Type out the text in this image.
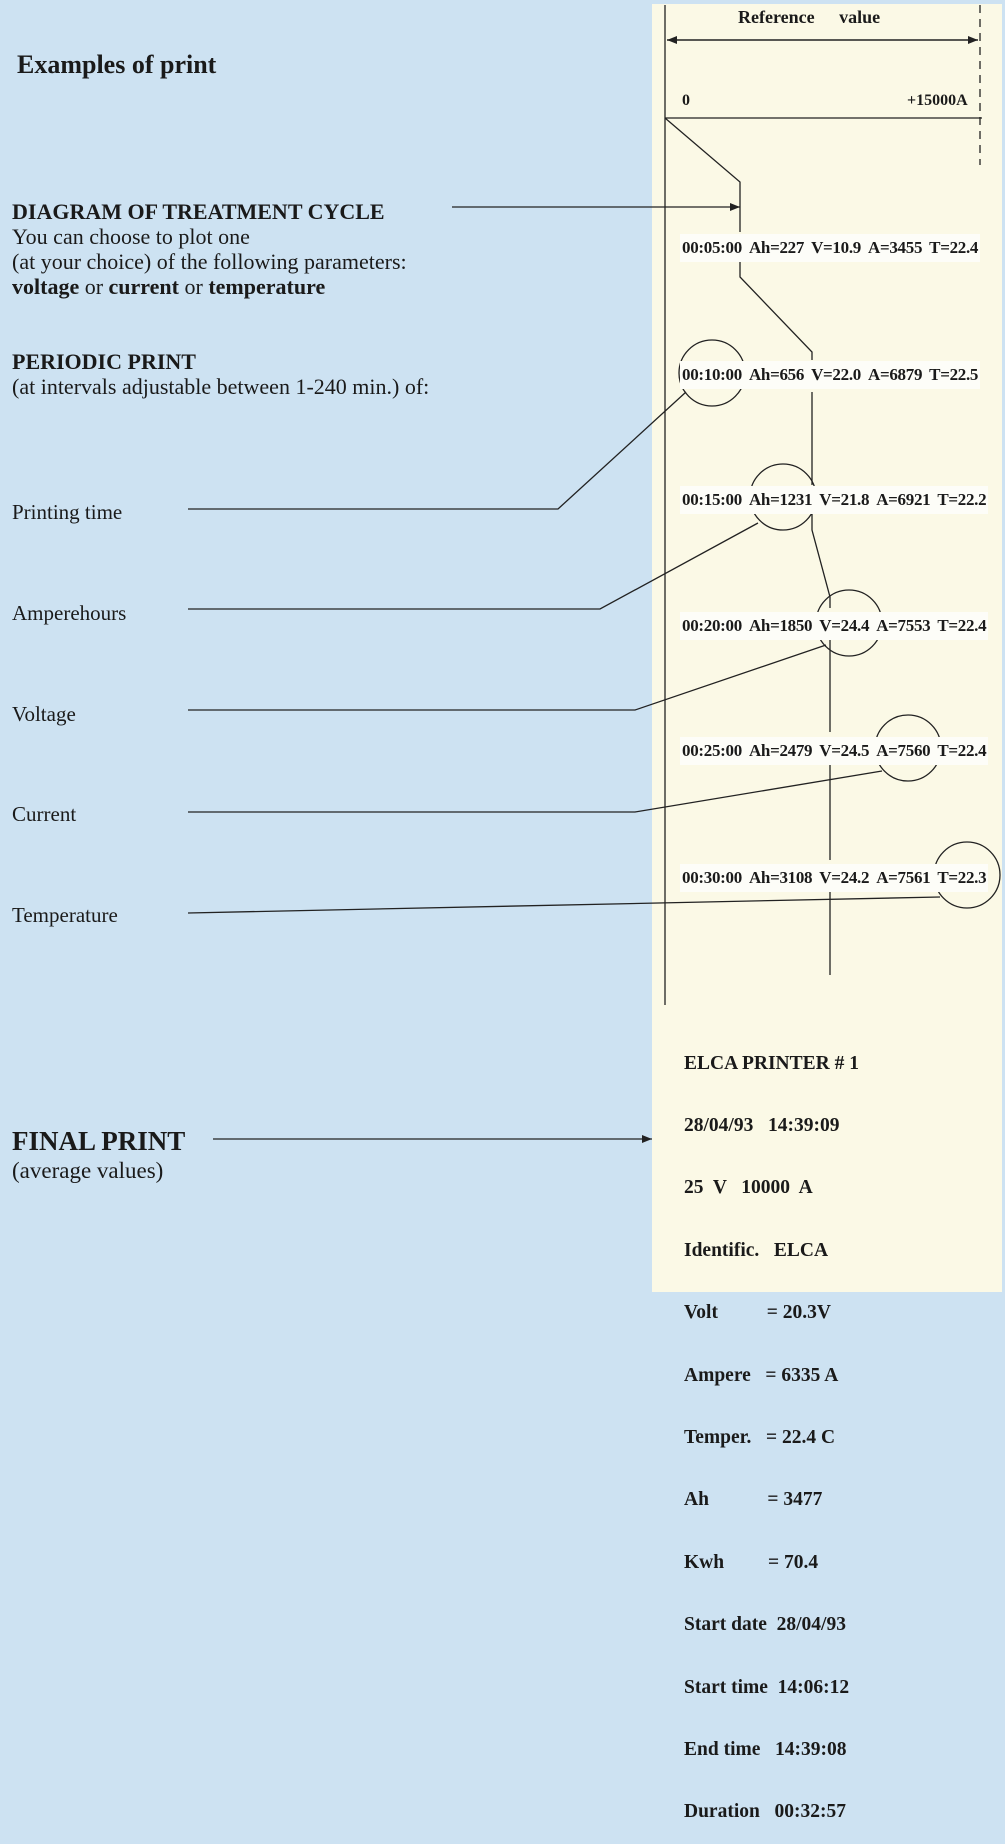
Examples of print
DIAGRAM OF TREATMENT CYCLE
You can choose to plot one
(at your choice) of the following parameters:
voltage or current or temperature
PERIODIC PRINT
(at intervals adjustable between 1-240 min.) of:
Printing time
Amperehours
Voltage
Current
Temperature
FINAL PRINT
(average values)
Reference value
0	+15000A
00:05:00 Ah=227 V=10.9 A=3455 T=22.4
00:10:00 Ah=656 V=22.0 A=6879 T=22.5
00:15:00 Ah=1231 V=21.8 A=6921 T=22.2
00:20:00 Ah=1850 V=24.4 A=7553 T=22.4
00:25:00 Ah=2479 V=24.5 A=7560 T=22.4
00:30:00 Ah=3108 V=24.2 A=7561 T=22.3

ELCA PRINTER # 1

28/04/93   14:39:09

25  V   10000  A

Identific.   ELCA

Volt          = 20.3V

Ampere   = 6335 A

Temper.   = 22.4 C

Ah            = 3477

Kwh         = 70.4

Start date  28/04/93

Start time  14:06:12

End time   14:39:08

Duration   00:32:57
